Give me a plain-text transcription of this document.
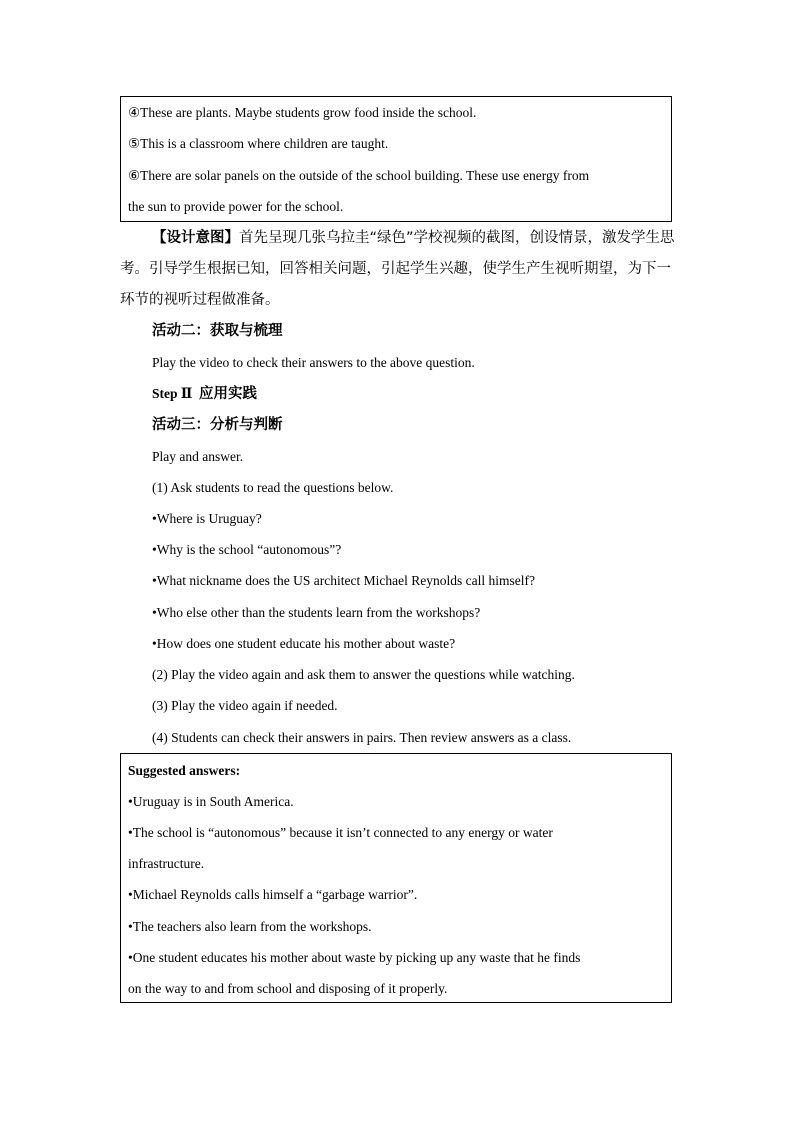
④These are plants. Maybe students grow food inside the school.
⑤This is a classroom where children are taught.
⑥There are solar panels on the outside of the school building. These use energy from
the sun to provide power for the school.
【设计意图】首先呈现几张乌拉圭“绿色”学校视频的截图，创设情景，激发学生思考。引导学生根据已知，回答相关问题，引起学生兴趣，使学生产生视听期望，为下一环节的视听过程做准备。
活动二：获取与梳理
Play the video to check their answers to the above question.
Step Ⅱ 应用实践
活动三：分析与判断
Play and answer.
(1) Ask students to read the questions below.
•Where is Uruguay?
•Why is the school “autonomous”?
•What nickname does the US architect Michael Reynolds call himself?
•Who else other than the students learn from the workshops?
•How does one student educate his mother about waste?
(2) Play the video again and ask them to answer the questions while watching.
(3) Play the video again if needed.
(4) Students can check their answers in pairs. Then review answers as a class.
Suggested answers:
•Uruguay is in South America.
•The school is “autonomous” because it isn’t connected to any energy or water
infrastructure.
•Michael Reynolds calls himself a “garbage warrior”.
•The teachers also learn from the workshops.
•One student educates his mother about waste by picking up any waste that he finds
on the way to and from school and disposing of it properly.
